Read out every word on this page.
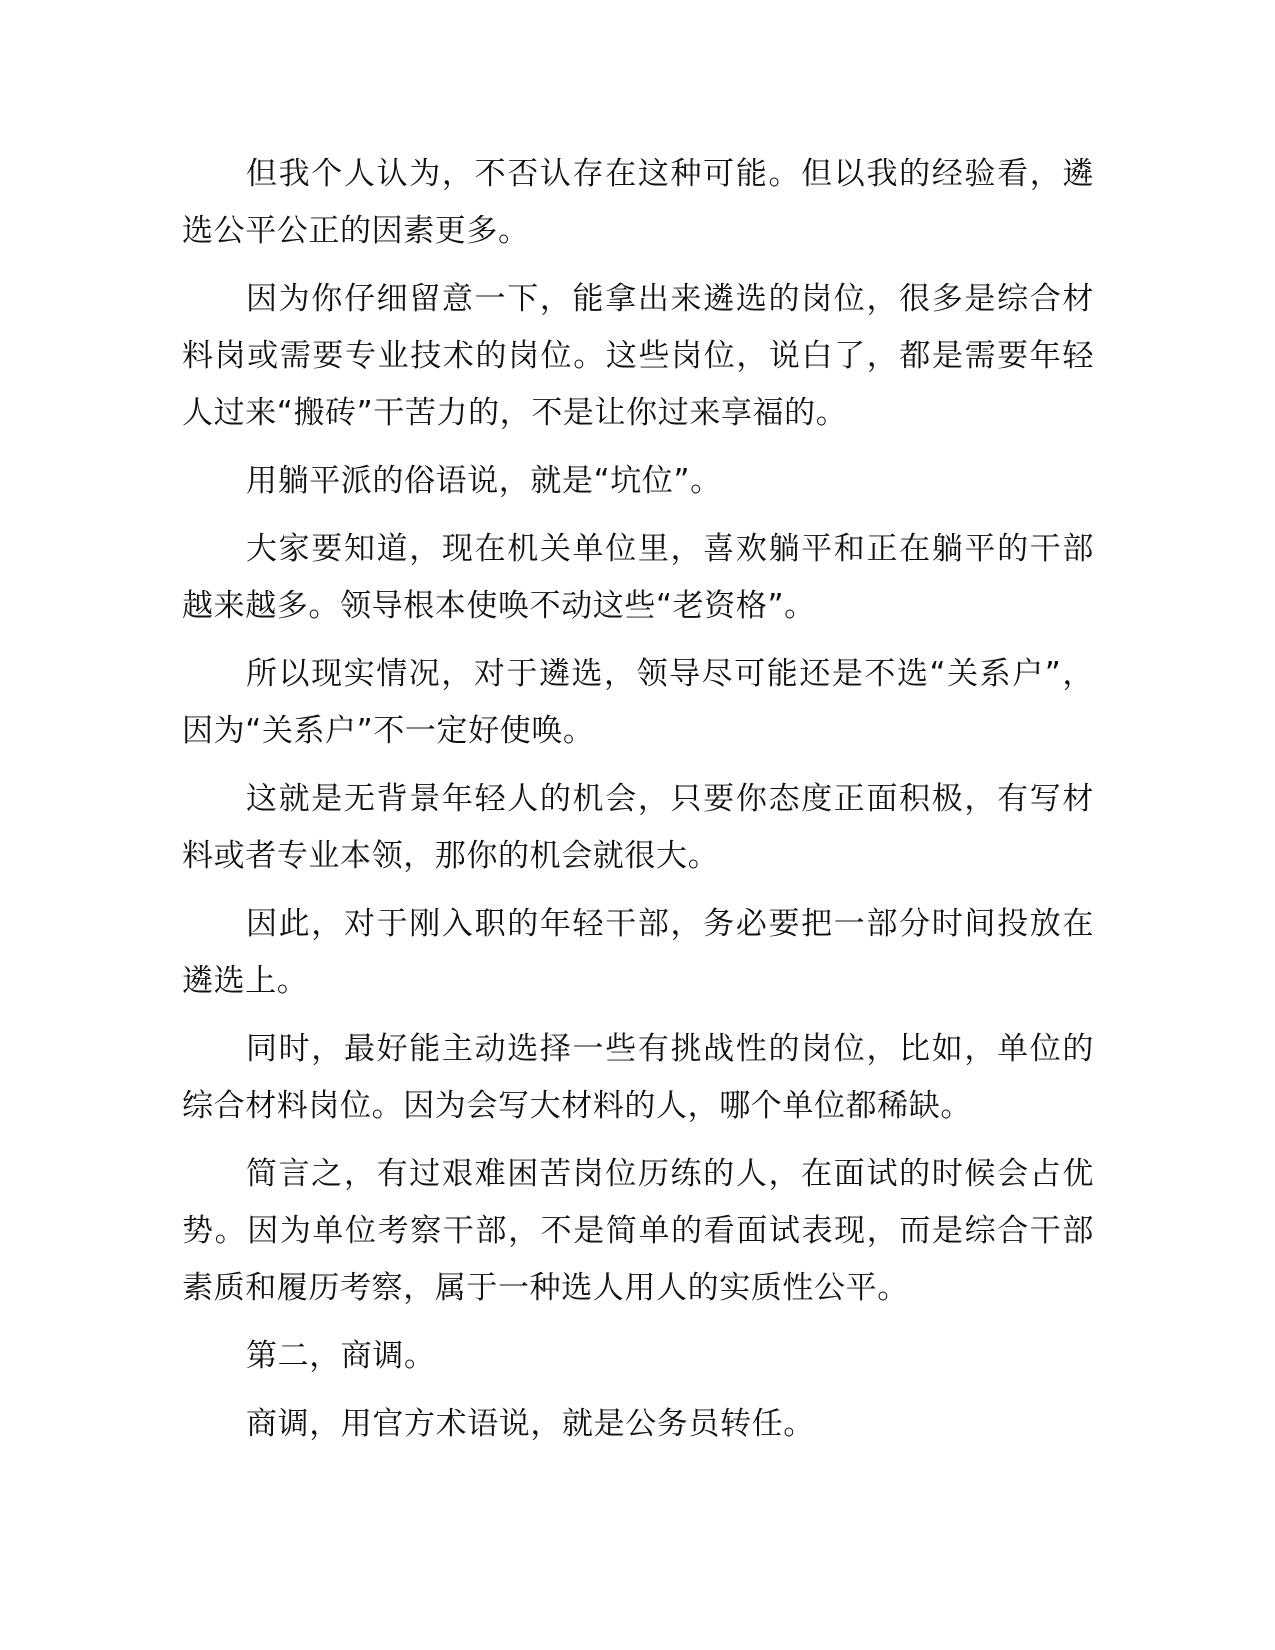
但我个人认为，不否认存在这种可能。但以我的经验看，遴选公平公正的因素更多。

因为你仔细留意一下，能拿出来遴选的岗位，很多是综合材料岗或需要专业技术的岗位。这些岗位，说白了，都是需要年轻人过来“搬砖”干苦力的，不是让你过来享福的。

用躺平派的俗语说，就是“坑位”。

大家要知道，现在机关单位里，喜欢躺平和正在躺平的干部越来越多。领导根本使唤不动这些“老资格”。

所以现实情况，对于遴选，领导尽可能还是不选“关系户”，因为“关系户”不一定好使唤。

这就是无背景年轻人的机会，只要你态度正面积极，有写材料或者专业本领，那你的机会就很大。

因此，对于刚入职的年轻干部，务必要把一部分时间投放在遴选上。

同时，最好能主动选择一些有挑战性的岗位，比如，单位的综合材料岗位。因为会写大材料的人，哪个单位都稀缺。

简言之，有过艰难困苦岗位历练的人，在面试的时候会占优势。因为单位考察干部，不是简单的看面试表现，而是综合干部素质和履历考察，属于一种选人用人的实质性公平。

第二，商调。

商调，用官方术语说，就是公务员转任。
